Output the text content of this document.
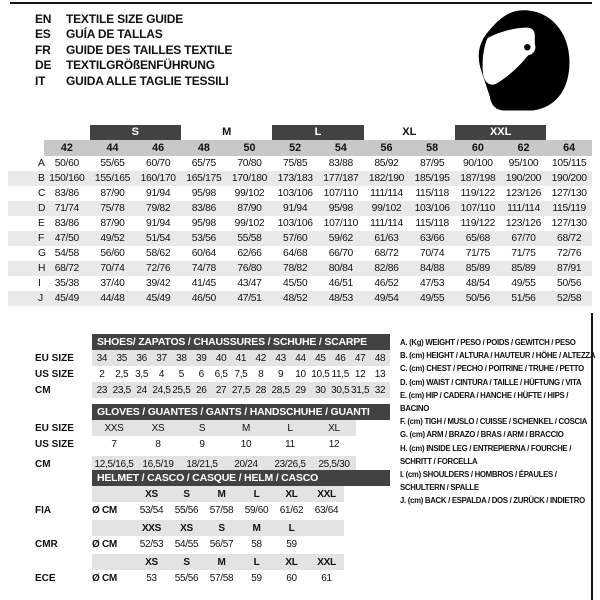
EN	TEXTILE SIZE GUIDE
ES	GUÍA DE TALLAS
FR	GUIDE DES TAILLES TEXTILE
DE	TEXTILGRÖßENFÜHRUNG
IT	GUIDA ALLE TAGLIE TESSILI
S	M	L	XL	XXL
42	44	46	48	50	52	54	56	58	60	62	64
A 50/60	55/65	60/70	65/75	70/80	75/85	83/88	85/92	87/95	90/100	95/100	105/115
B 150/160	155/165	160/170	165/175	170/180	173/183	177/187	182/190	185/195	187/198	190/200	190/200
C 83/86	87/90	91/94	95/98	99/102	103/106	107/110	111/114	115/118	119/122	123/126	127/130
D 71/74	75/78	79/82	83/86	87/90	91/94	95/98	99/102	103/106	107/110	111/114	115/119
E 83/86	87/90	91/94	95/98	99/102	103/106	107/110	111/114	115/118	119/122	123/126	127/130
F	47/50	49/52	51/54	53/56	55/58	57/60	59/62	61/63	63/66	65/68	67/70	68/72
G 54/58	56/60	58/62	60/64	62/66	64/68	66/70	68/72	70/74	71/75	71/75	72/76
H 68/72	70/74	72/76	74/78	76/80	78/82	80/84	82/86	84/88	85/89	85/89	87/91
I	35/38	37/40	39/42	41/45	43/47	45/50	46/51	46/52	47/53	48/54	49/55	50/56
J	45/49	44/48	45/49	46/50	47/51	48/52	48/53	49/54	49/55	50/56	51/56	52/58
SHOES/ ZAPATOS / CHAUSSURES / SCHUHE / SCARPE
EU SIZE	34 35 36 37 38 39 40 41 42 43 44 45 46 47 48
US SIZE	2	2,5 3,5	4	5	6	6,5 7,5	8	9	10 10,5 11,5 12 13
CM	23 23,5 24 24,5 25,5 26 27 27,5 28 28,5 29 30 30,5 31,5 32
GLOVES / GUANTES / GANTS / HANDSCHUHE / GUANTI
EU SIZE	XXS	XS	S	M	L	XL
US SIZE	7	8	9	10	11	12
CM	12,5/16,5 16,5/19	18/21,5	20/24	23/26,5	25,5/30
HELMET / CASCO / CASQUE / HELM / CASCO
XS	S	M	L	XL	XXL
FIA	Ø CM	53/54	55/56	57/58	59/60	61/62	63/64
XXS	XS	S	M	L
CMR	Ø CM	52/53	54/55	56/57	58	59
XS	S	M	L	XL	XXL
ECE	Ø CM	53	55/56	57/58	59	60	61
A. (Kg) WEIGHT / PESO / POIDS / GEWITCH / PESO
B. (cm) HEIGHT / ALTURA / HAUTEUR / HÖHE / ALTEZZA
C. (cm) CHEST / PECHO / POITRINE / TRUHE / PETTO
D. (cm) WAIST / CINTURA / TAILLE / HÜFTUNG / VITA
E. (cm) HIP / CADERA / HANCHE / HÜFTE / HIPS / BACINO
F. (cm) TIGH / MUSLO / CUISSE / SCHENKEL / COSCIA
G. (cm) ARM / BRAZO / BRAS / ARM / BRACCIO
H. (cm) INSIDE LEG / ENTREPIERNA / FOURCHE / SCHRITT / FORCELLA
I. (cm) SHOULDERS / HOMBROS / ÉPAULES / SCHULTERN / SPALLE
J. (cm) BACK / ESPALDA / DOS / ZURÜCK / INDIETRO
